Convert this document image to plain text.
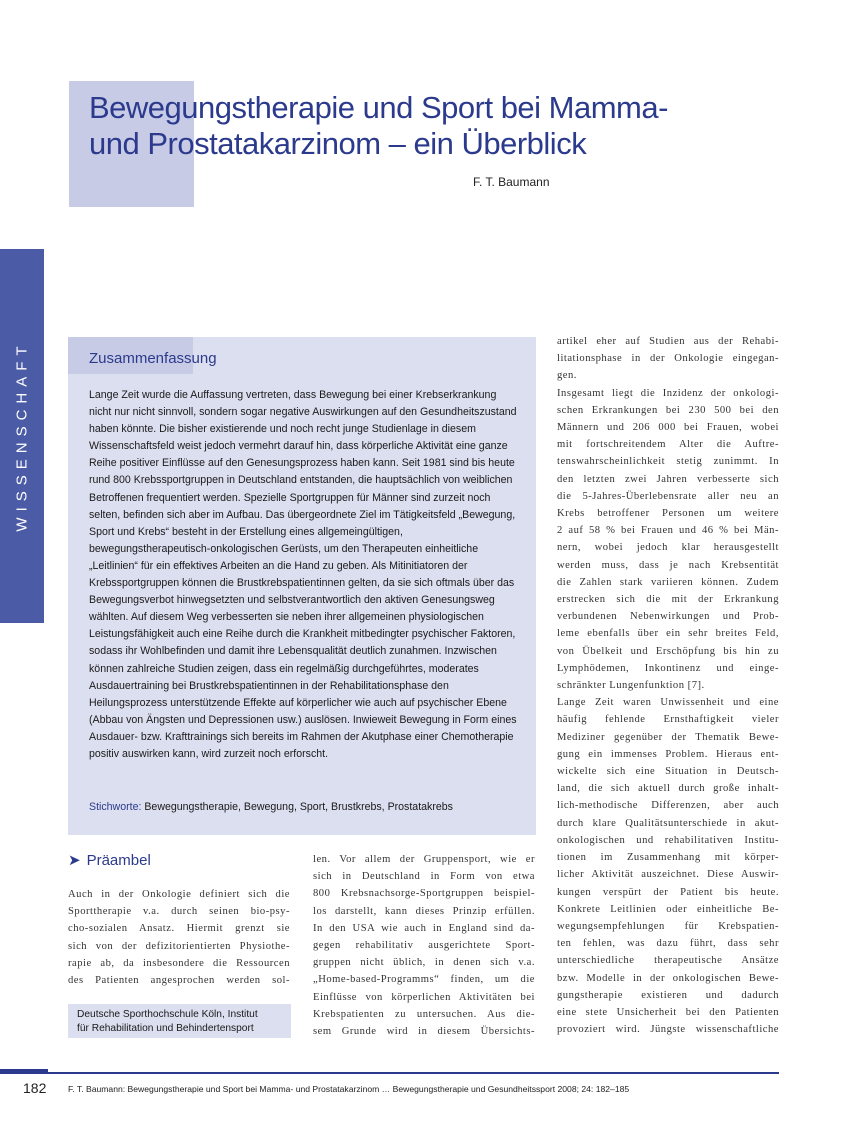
Bewegungstherapie und Sport bei Mamma-
und Prostatakarzinom – ein Überblick

F. T. Baumann

WISSENSCHAFT	Zusammenfassung

Lange Zeit wurde die Auffassung vertreten, dass Bewegung bei einer Krebserkrankung nicht nur nicht sinnvoll, sondern sogar negative Auswirkungen auf den Gesundheitszustand haben könnte. Die bisher existierende und noch recht junge Studienlage in diesem Wissenschaftsfeld weist jedoch vermehrt darauf hin, dass körperliche Aktivität eine ganze Reihe positiver Einflüsse auf den Genesungsprozess haben kann. Seit 1981 sind bis heute rund 800 Krebssportgruppen in Deutschland entstanden, die hauptsächlich von weiblichen Betroffenen frequentiert werden. Spezielle Sportgruppen für Männer sind zurzeit noch selten, befinden sich aber im Aufbau. Das übergeordnete Ziel im Tätigkeitsfeld „Bewegung, Sport und Krebs“ besteht in der Erstellung eines allgemeingültigen, bewegungstherapeutisch-onkologischen Gerüsts, um den Therapeuten einheitliche „Leitlinien“ für ein effektives Arbeiten an die Hand zu geben. Als Mitinitiatoren der Krebssportgruppen können die Brustkrebspatientinnen gelten, da sie sich oftmals über das Bewegungsverbot hinwegsetzten und selbstverantwortlich den aktiven Genesungsweg wählten. Auf diesem Weg verbesserten sie neben ihrer allgemeinen physiologischen Leistungsfähigkeit auch eine Reihe durch die Krankheit mitbedingter psychischer Faktoren, sodass ihr Wohlbefinden und damit ihre Lebensqualität deutlich zunahmen. Inzwischen können zahlreiche Studien zeigen, dass ein regelmäßig durchgeführtes, moderates Ausdauertraining bei Brustkrebspatientinnen in der Rehabilitationsphase den Heilungsprozess unterstützende Effekte auf körperlicher wie auch auf psychischer Ebene (Abbau von Ängsten und Depressionen usw.) auslösen. Inwieweit Bewegung in Form eines Ausdauer- bzw. Krafttrainings sich bereits im Rahmen der Akutphase einer Chemotherapie positiv auswirken kann, wird zurzeit noch erforscht.

Stichworte: Bewegungstherapie, Bewegung, Sport, Brustkrebs, Prostatakrebs

➤ Präambel
Auch in der Onkologie definiert sich die
Sporttherapie v.a. durch seinen bio-psy-
cho-sozialen Ansatz. Hiermit grenzt sie
sich von der defizitorientierten Physiothe-
rapie ab, da insbesondere die Ressourcen
des Patienten angesprochen werden sol-
len. Vor allem der Gruppensport, wie er
sich in Deutschland in Form von etwa
800 Krebsnachsorge-Sportgruppen beispiel-
los darstellt, kann dieses Prinzip erfüllen.
In den USA wie auch in England sind da-
gegen rehabilitativ ausgerichtete Sport-
gruppen nicht üblich, in denen sich v.a.
„Home-based-Programms“ finden, um die
Einflüsse von körperlichen Aktivitäten bei
Krebspatienten zu untersuchen. Aus die-
sem Grunde wird in diesem Übersichts-
artikel eher auf Studien aus der Rehabi-
litationsphase in der Onkologie eingegan-
gen.
Insgesamt liegt die Inzidenz der onkologi-
schen Erkrankungen bei 230 500 bei den
Männern und 206 000 bei Frauen, wobei
mit fortschreitendem Alter die Auftre-
tenswahrscheinlichkeit stetig zunimmt. In
den letzten zwei Jahren verbesserte sich
die 5-Jahres-Überlebensrate aller neu an
Krebs betroffener Personen um weitere
2 auf 58 % bei Frauen und 46 % bei Män-
nern, wobei jedoch klar herausgestellt
werden muss, dass je nach Krebsentität
die Zahlen stark variieren können. Zudem
erstrecken sich die mit der Erkrankung
verbundenen Nebenwirkungen und Prob-
leme ebenfalls über ein sehr breites Feld,
von Übelkeit und Erschöpfung bis hin zu
Lymphödemen, Inkontinenz und einge-
schränkter Lungenfunktion [7].
Lange Zeit waren Unwissenheit und eine
häufig fehlende Ernsthaftigkeit vieler
Mediziner gegenüber der Thematik Bewe-
gung ein immenses Problem. Hieraus ent-
wickelte sich eine Situation in Deutsch-
land, die sich aktuell durch große inhalt-
lich-methodische Differenzen, aber auch
durch klare Qualitätsunterschiede in akut-
onkologischen und rehabilitativen Institu-
tionen im Zusammenhang mit körper-
licher Aktivität auszeichnet. Diese Auswir-
kungen verspürt der Patient bis heute.
Konkrete Leitlinien oder einheitliche Be-
wegungsempfehlungen für Krebspatien-
ten fehlen, was dazu führt, dass sehr
unterschiedliche therapeutische Ansätze
bzw. Modelle in der onkologischen Bewe-
gungstherapie existieren und dadurch
eine stete Unsicherheit bei den Patienten
provoziert wird. Jüngste wissenschaftliche

Deutsche Sporthochschule Köln, Institut
für Rehabilitation und Behindertensport

182	F. T. Baumann: Bewegungstherapie und Sport bei Mamma- und Prostatakarzinom … Bewegungstherapie und Gesundheitssport 2008; 24: 182–185
